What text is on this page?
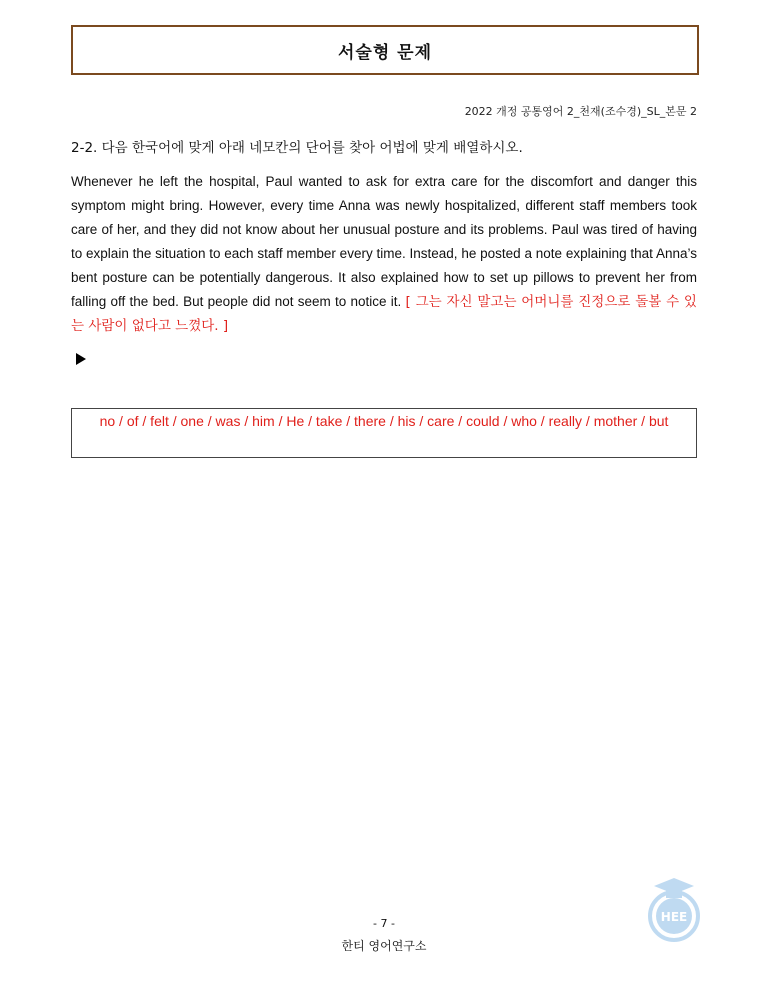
서술형 문제
2022 개정 공통영어 2_천재(조수경)_SL_본문 2
2-2. 다음 한국어에 맞게 아래 네모칸의 단어를 찾아 어법에 맞게 배열하시오.
Whenever he left the hospital, Paul wanted to ask for extra care for the discomfort and danger this symptom might bring. However, every time Anna was newly hospitalized, different staff members took care of her, and they did not know about her unusual posture and its problems. Paul was tired of having to explain the situation to each staff member every time. Instead, he posted a note explaining that Anna’s bent posture can be potentially dangerous. It also explained how to set up pillows to prevent her from falling off the bed. But people did not seem to notice it. [ 그는 자신 말고는 어머니를 진정으로 돌볼 수 있는 사람이 없다고 느꼈다. ]
no / of / felt / one / was / him / He / take / there / his / care / could / who / really / mother / but
- 7 -
한티 영어연구소
HEE
